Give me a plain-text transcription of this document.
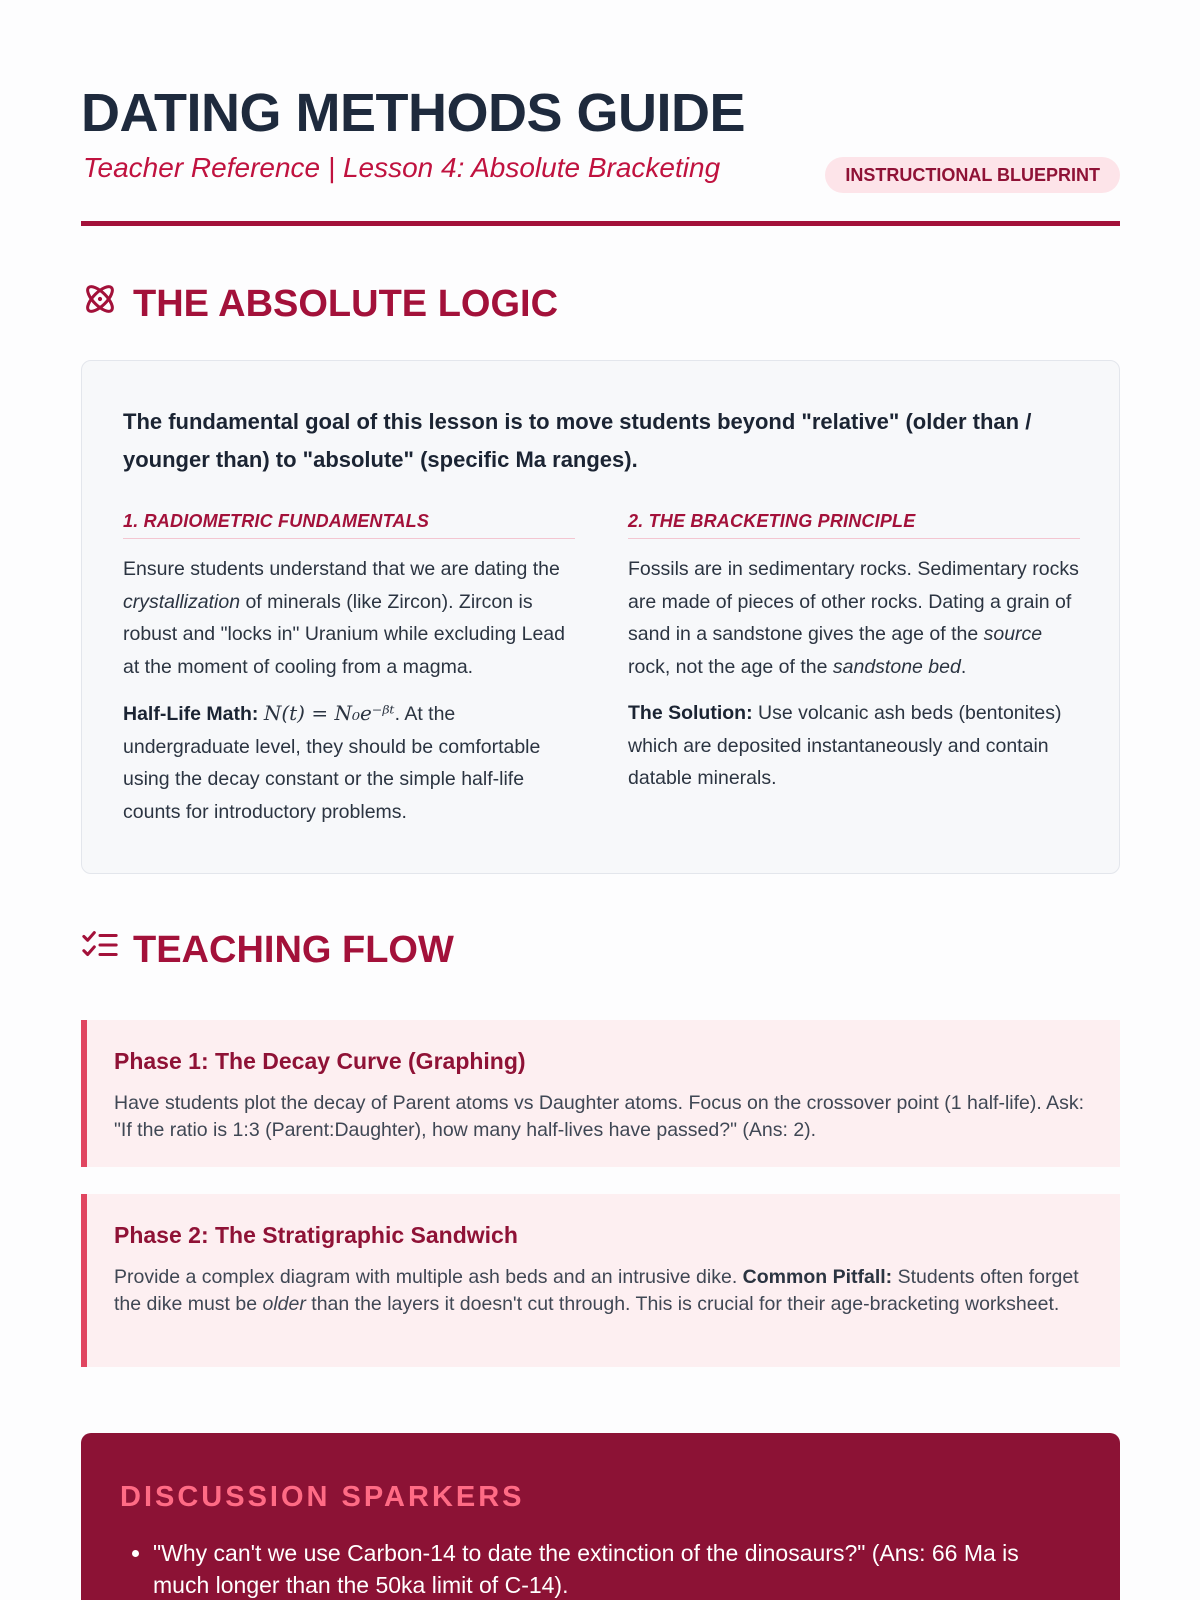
DATING METHODS GUIDE
Teacher Reference | Lesson 4: Absolute Bracketing	INSTRUCTIONAL BLUEPRINT
THE ABSOLUTE LOGIC
The fundamental goal of this lesson is to move students beyond "relative" (older than / younger than) to "absolute" (specific Ma ranges).
1. RADIOMETRIC FUNDAMENTALS

Ensure students understand that we are dating the crystallization of minerals (like Zircon). Zircon is robust and "locks in" Uranium while excluding Lead at the moment of cooling from a magma.

Half-Life Math: N(t) = N₀e⁻ᵝᵗ. At the undergraduate level, they should be comfortable using the decay constant or the simple half-life counts for introductory problems.

2. THE BRACKETING PRINCIPLE

Fossils are in sedimentary rocks. Sedimentary rocks are made of pieces of other rocks. Dating a grain of sand in a sandstone gives the age of the source rock, not the age of the sandstone bed.

The Solution: Use volcanic ash beds (bentonites) which are deposited instantaneously and contain datable minerals.

TEACHING FLOW
Phase 1: The Decay Curve (Graphing)
Have students plot the decay of Parent atoms vs Daughter atoms. Focus on the crossover point (1 half-life). Ask: "If the ratio is 1:3 (Parent:Daughter), how many half-lives have passed?" (Ans: 2).
Phase 2: The Stratigraphic Sandwich
Provide a complex diagram with multiple ash beds and an intrusive dike. Common Pitfall: Students often forget the dike must be older than the layers it doesn't cut through. This is crucial for their age-bracketing worksheet.
DISCUSSION SPARKERS
• "Why can't we use Carbon-14 to date the extinction of the dinosaurs?" (Ans: 66 Ma is much longer than the 50ka limit of C-14).
